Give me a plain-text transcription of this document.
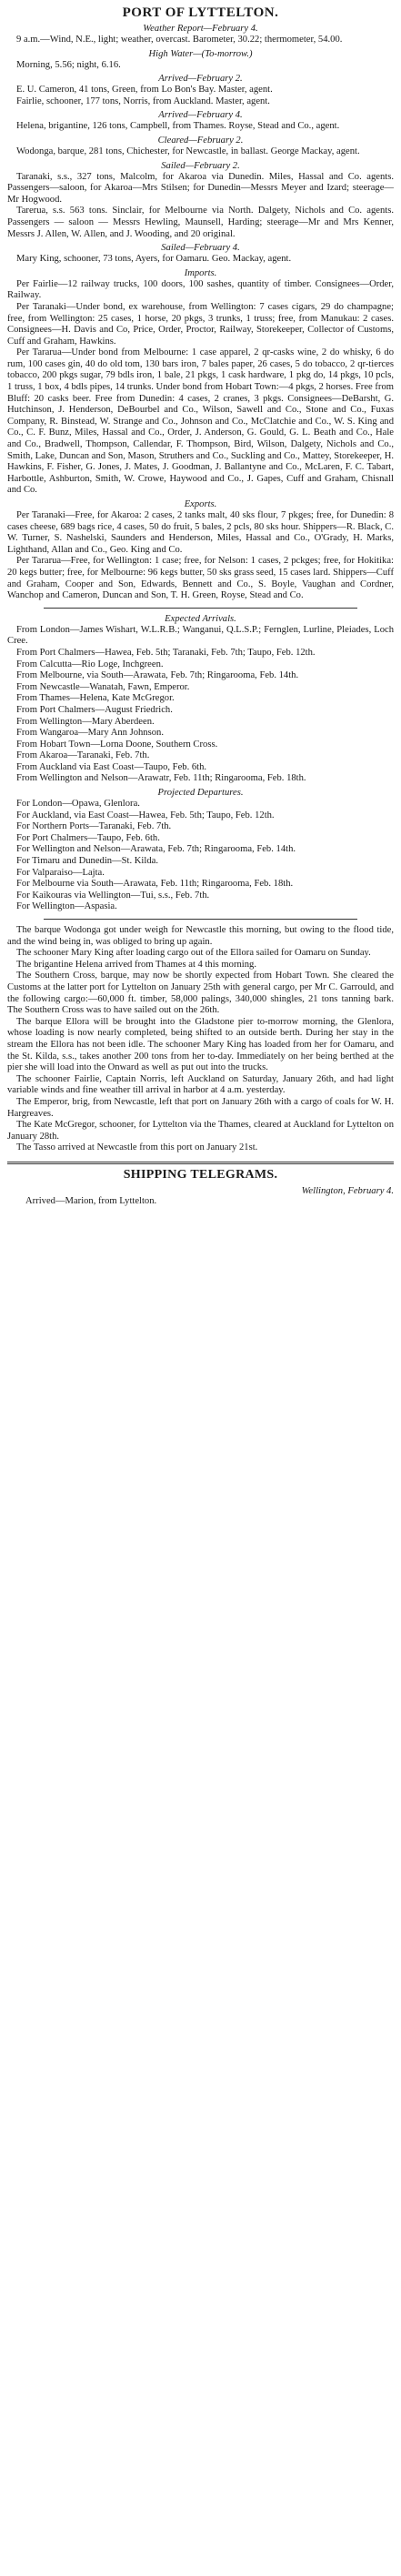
PORT OF LYTTELTON.
Weather Report—February 4.

9 a.m.—Wind, N.E., light; weather, overcast. Barometer, 30.22; thermometer, 54.00.

High Water—(To-morrow.)

Morning, 5.56; night, 6.16.

Arrived—February 2.

E. U. Cameron, 41 tons, Green, from Lo Bon's Bay. Master, agent.

Fairlie, schooner, 177 tons, Norris, from Auckland. Master, agent.

Arrived—February 4.

Helena, brigantine, 126 tons, Campbell, from Thames. Royse, Stead and Co., agent.

Cleared—February 2.

Wodonga, barque, 281 tons, Chichester, for Newcastle, in ballast. George Mackay, agent.

Sailed—February 2.

Taranaki, s.s., 327 tons, Malcolm, for Akaroa via Dunedin. Miles, Hassal and Co. agents. Passengers—saloon, for Akaroa—Mrs Stilsen; for Dunedin—Messrs Meyer and Izard; steerage—Mr Hogwood.

Tarerua, s.s. 563 tons. Sinclair, for Melbourne via North. Dalgety, Nichols and Co. agents. Passengers — saloon — Messrs Hewling, Maunsell, Harding; steerage—Mr and Mrs Kenner, Messrs J. Allen, W. Allen, and J. Wooding, and 20 original.

Sailed—February 4.

Mary King, schooner, 73 tons, Ayers, for Oamaru. Geo. Mackay, agent.

Imports.

Per Fairlie—12 railway trucks, 100 doors, 100 sashes, quantity of timber. Consignees—Order, Railway.

Per Taranaki—Under bond, ex warehouse, from Wellington: 7 cases cigars, 29 do champagne; free, from Wellington: 25 cases, 1 horse, 20 pkgs, 3 trunks, 1 truss; free, from Manukau: 2 cases. Consignees—H. Davis and Co, Price, Order, Proctor, Railway, Storekeeper, Collector of Customs, Cuff and Graham, Hawkins.

Per Tararua—Under bond from Melbourne: 1 case apparel, 2 qr-casks wine, 2 do whisky, 6 do rum, 100 cases gin, 40 do old tom, 130 bars iron, 7 bales paper, 26 cases, 5 do tobacco, 2 qr-tierces tobacco, 200 pkgs sugar, 79 bdls iron, 1 bale, 21 pkgs, 1 cask hardware, 1 pkg do, 14 pkgs, 10 pcls, 1 truss, 1 box, 4 bdls pipes, 14 trunks. Under bond from Hobart Town:—4 pkgs, 2 horses. Free from Bluff: 20 casks beer. Free from Dunedin: 4 cases, 2 cranes, 3 pkgs. Consignees—DeBarsht, G. Hutchinson, J. Henderson, DeBourbel and Co., Wilson, Sawell and Co., Stone and Co., Fuxas Company, R. Binstead, W. Strange and Co., Johnson and Co., McClatchie and Co., W. S. King and Co., C. F. Bunz, Miles, Hassal and Co., Order, J. Anderson, G. Gould, G. L. Beath and Co., Hale and Co., Bradwell, Thompson, Callendar, F. Thompson, Bird, Wilson, Dalgety, Nichols and Co., Smith, Lake, Duncan and Son, Mason, Struthers and Co., Suckling and Co., Mattey, Storekeeper, H. Hawkins, F. Fisher, G. Jones, J. Mates, J. Goodman, J. Ballantyne and Co., McLaren, F. C. Tabart, Harbottle, Ashburton, Smith, W. Crowe, Haywood and Co., J. Gapes, Cuff and Graham, Chisnall and Co.

Exports.

Per Taranaki—Free, for Akaroa: 2 cases, 2 tanks malt, 40 sks flour, 7 pkges; free, for Dunedin: 8 cases cheese, 689 bags rice, 4 cases, 50 do fruit, 5 bales, 2 pcls, 80 sks hour. Shippers—R. Black, C. W. Turner, S. Nashelski, Saunders and Henderson, Miles, Hassal and Co., O'Grady, H. Marks, Lighthand, Allan and Co., Geo. King and Co.

Per Tararua—Free, for Wellington: 1 case; free, for Nelson: 1 cases, 2 pckges; free, for Hokitika: 20 kegs butter; free, for Melbourne: 96 kegs butter, 50 sks grass seed, 15 cases lard. Shippers—Cuff and Graham, Cooper and Son, Edwards, Bennett and Co., S. Boyle, Vaughan and Cordner, Wanchop and Cameron, Duncan and Son, T. H. Green, Royse, Stead and Co.

Expected Arrivals.

From London—James Wishart, W.L.R.B.; Wanganui, Q.L.S.P.; Fernglen, Lurline, Pleiades, Loch Cree.

From Port Chalmers—Hawea, Feb. 5th; Taranaki, Feb. 7th; Taupo, Feb. 12th.

From Calcutta—Rio Loge, Inchgreen.

From Melbourne, via South—Arawata, Feb. 7th; Ringarooma, Feb. 14th.

From Newcastle—Wanatah, Fawn, Emperor.

From Thames—Helena, Kate McGregor.

From Port Chalmers—August Friedrich.

From Wellington—Mary Aberdeen.

From Wangaroa—Mary Ann Johnson.

From Hobart Town—Lorna Doone, Southern Cross.

From Akaroa—Taranaki, Feb. 7th.

From Auckland via East Coast—Taupo, Feb. 6th.

From Wellington and Nelson—Arawatr, Feb. 11th; Ringarooma, Feb. 18th.

Projected Departures.

For London—Opawa, Glenlora.

For Auckland, via East Coast—Hawea, Feb. 5th; Taupo, Feb. 12th.

For Northern Ports—Taranaki, Feb. 7th.

For Port Chalmers—Taupo, Feb. 6th.

For Wellington and Nelson—Arawata, Feb. 7th; Ringarooma, Feb. 14th.

For Timaru and Dunedin—St. Kilda.

For Valparaiso—Lajta.

For Melbourne via South—Arawata, Feb. 11th; Ringarooma, Feb. 18th.

For Kaikouras via Wellington—Tui, s.s., Feb. 7th.

For Wellington—Aspasia.

The barque Wodonga got under weigh for Newcastle this morning, but owing to the flood tide, and the wind being in, was obliged to bring up again.

The schooner Mary King after loading cargo out of the Ellora sailed for Oamaru on Sunday.

The brigantine Helena arrived from Thames at 4 this morning.

The Southern Cross, barque, may now be shortly expected from Hobart Town. She cleared the Customs at the latter port for Lyttelton on January 25th with general cargo, per Mr C. Garrould, and the following cargo:—60,000 ft. timber, 58,000 palings, 340,000 shingles, 21 tons tanning bark. The Southern Cross was to have sailed out on the 26th.

The barque Ellora will be brought into the Gladstone pier to-morrow morning, the Glenlora, whose loading is now nearly completed, being shifted to an outside berth. During her stay in the stream the Ellora has not been idle. The schooner Mary King has loaded from her for Oamaru, and the St. Kilda, s.s., takes another 200 tons from her to-day. Immediately on her being berthed at the pier she will load into the Onward as well as put out into the trucks.

The schooner Fairlie, Captain Norris, left Auckland on Saturday, January 26th, and had light variable winds and fine weather till arrival in harbor at 4 a.m. yesterday.

The Emperor, brig, from Newcastle, left that port on January 26th with a cargo of coals for W. H. Hargreaves.

The Kate McGregor, schooner, for Lyttelton via the Thames, cleared at Auckland for Lyttelton on January 28th.

The Tasso arrived at Newcastle from this port on January 21st.

SHIPPING TELEGRAMS.
Wellington, February 4.
Arrived—Marion, from Lyttelton.
